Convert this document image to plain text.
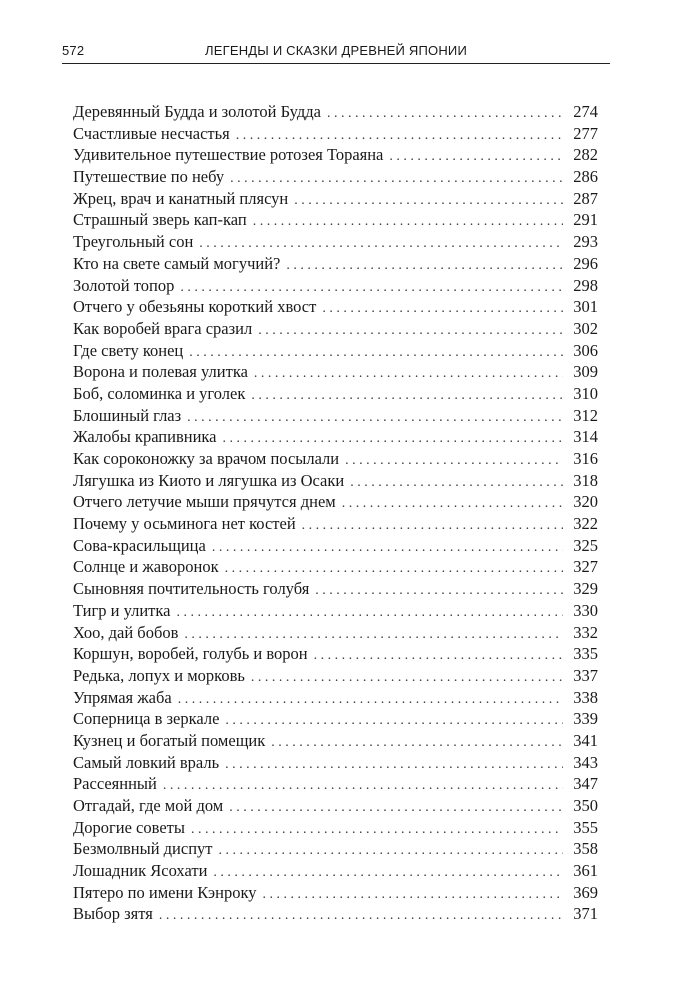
572	ЛЕГЕНДЫ И СКАЗКИ ДРЕВНЕЙ ЯПОНИИ
Деревянный Будда и золотой Будда . . .	274
Счастливые несчастья . . .	277
Удивительное путешествие ротозея Тораяна . . .	282
Путешествие по небу . . .	286
Жрец, врач и канатный плясун . . .	287
Страшный зверь кап-кап . . .	291
Треугольный сон . . .	293
Кто на свете самый могучий? . . .	296
Золотой топор . . .	298
Отчего у обезьяны короткий хвост . . .	301
Как воробей врага сразил . . .	302
Где свету конец . . .	306
Ворона и полевая улитка . . .	309
Боб, соломинка и уголек . . .	310
Блошиный глаз . . .	312
Жалобы крапивника . . .	314
Как сороконожку за врачом посылали . . .	316
Лягушка из Киото и лягушка из Осаки . . .	318
Отчего летучие мыши прячутся днем . . .	320
Почему у осьминога нет костей . . .	322
Сова-красильщица . . .	325
Солнце и жаворонок . . .	327
Сыновняя почтительность голубя . . .	329
Тигр и улитка . . .	330
Хоо, дай бобов . . .	332
Коршун, воробей, голубь и ворон . . .	335
Редька, лопух и морковь . . .	337
Упрямая жаба . . .	338
Соперница в зеркале . . .	339
Кузнец и богатый помещик . . .	341
Самый ловкий враль . . .	343
Рассеянный . . .	347
Отгадай, где мой дом . . .	350
Дорогие советы . . .	355
Безмолвный диспут . . .	358
Лошадник Ясохати . . .	361
Пятеро по имени Кэнроку . . .	369
Выбор зятя . . .	371
